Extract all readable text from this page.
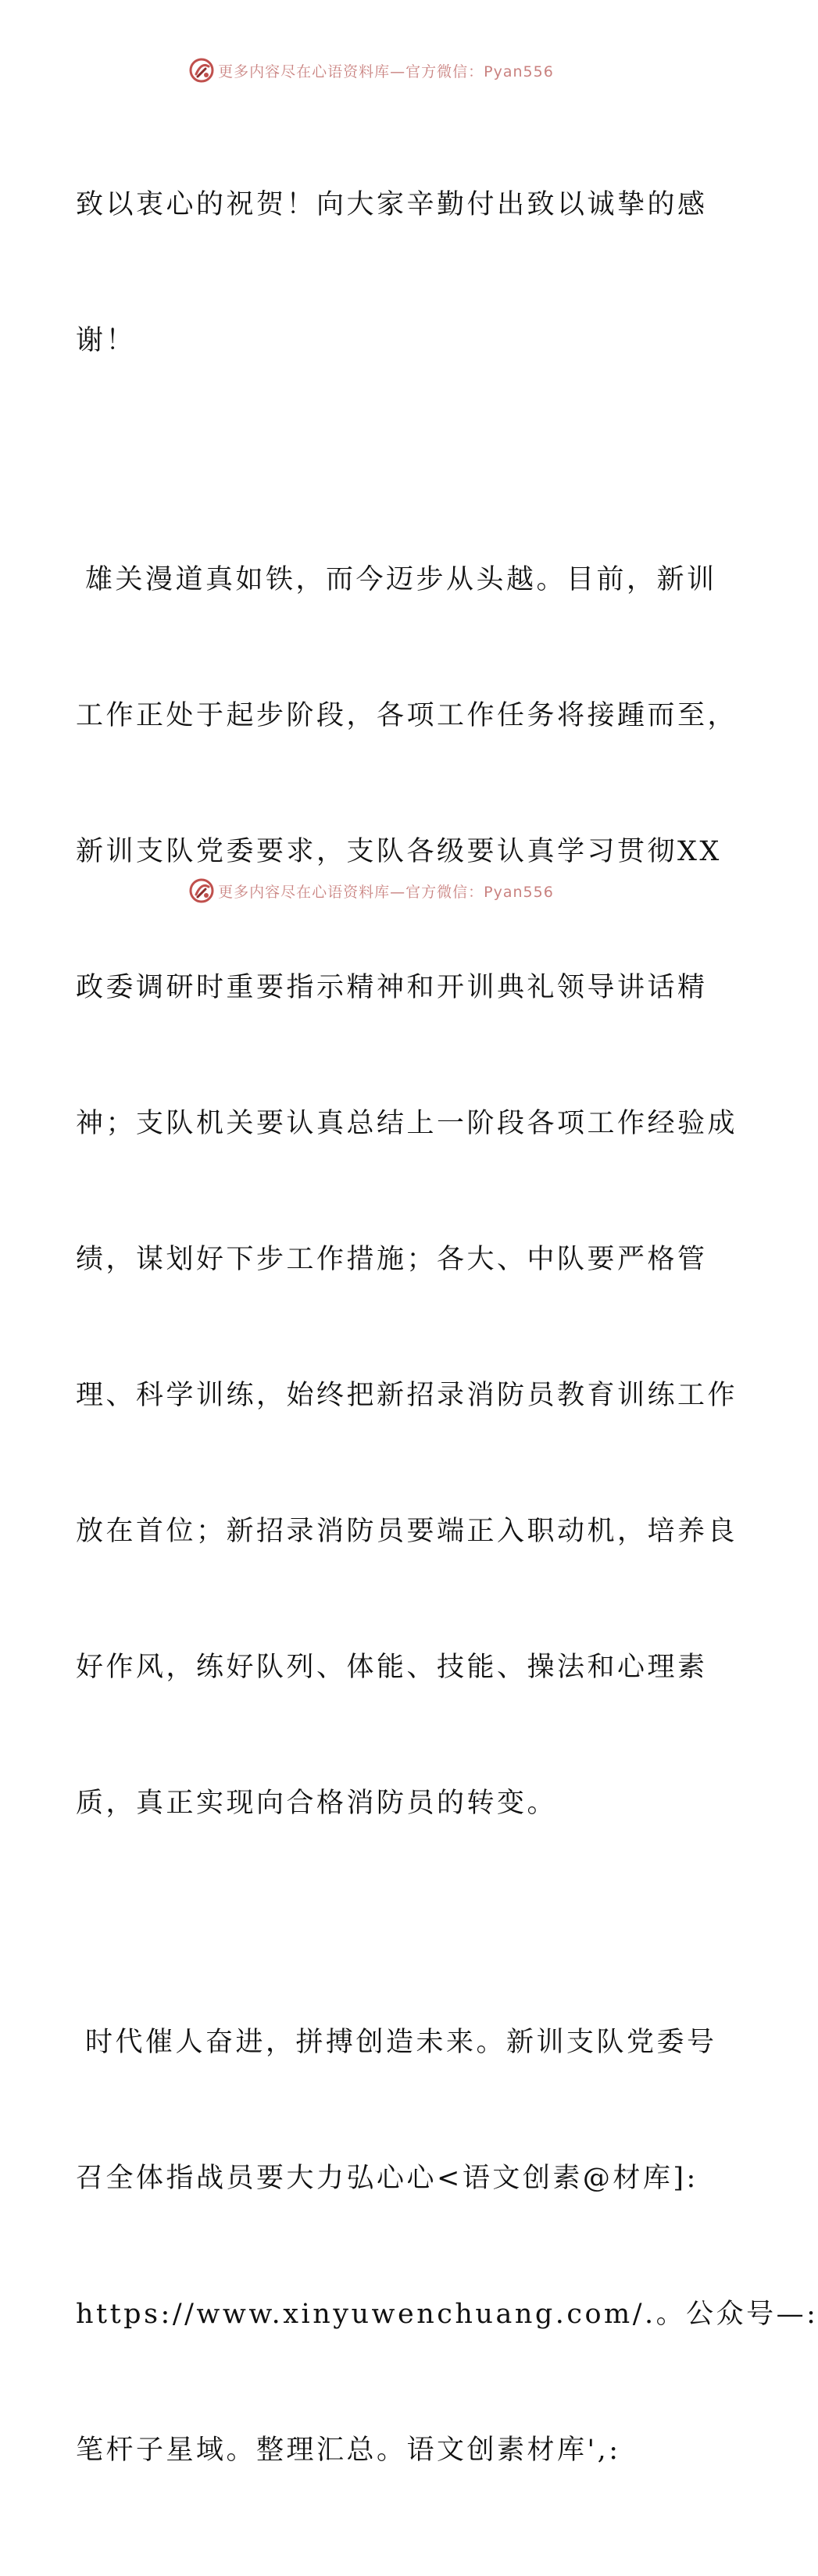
更多内容尽在心语资料库—官方微信：Pyan556

致以衷心的祝贺！向大家辛勤付出致以诚挚的感

谢！

雄关漫道真如铁，而今迈步从头越。目前，新训

工作正处于起步阶段，各项工作任务将接踵而至，

新训支队党委要求，支队各级要认真学习贯彻XX

政委调研时重要指示精神和开训典礼领导讲话精

神；支队机关要认真总结上一阶段各项工作经验成

绩，谋划好下步工作措施；各大、中队要严格管

理、科学训练，始终把新招录消防员教育训练工作

放在首位；新招录消防员要端正入职动机，培养良

好作风，练好队列、体能、技能、操法和心理素

质，真正实现向合格消防员的转变。

时代催人奋进，拼搏创造未来。新训支队党委号

召全体指战员要大力弘心心<语文创素@材库]:

https://www.xinyuwenchuang.com/.。公众号—:

笔杆子星域。整理汇总。语文创素材库',:

更多内容尽在心语资料库—官方微信：Pyan556
